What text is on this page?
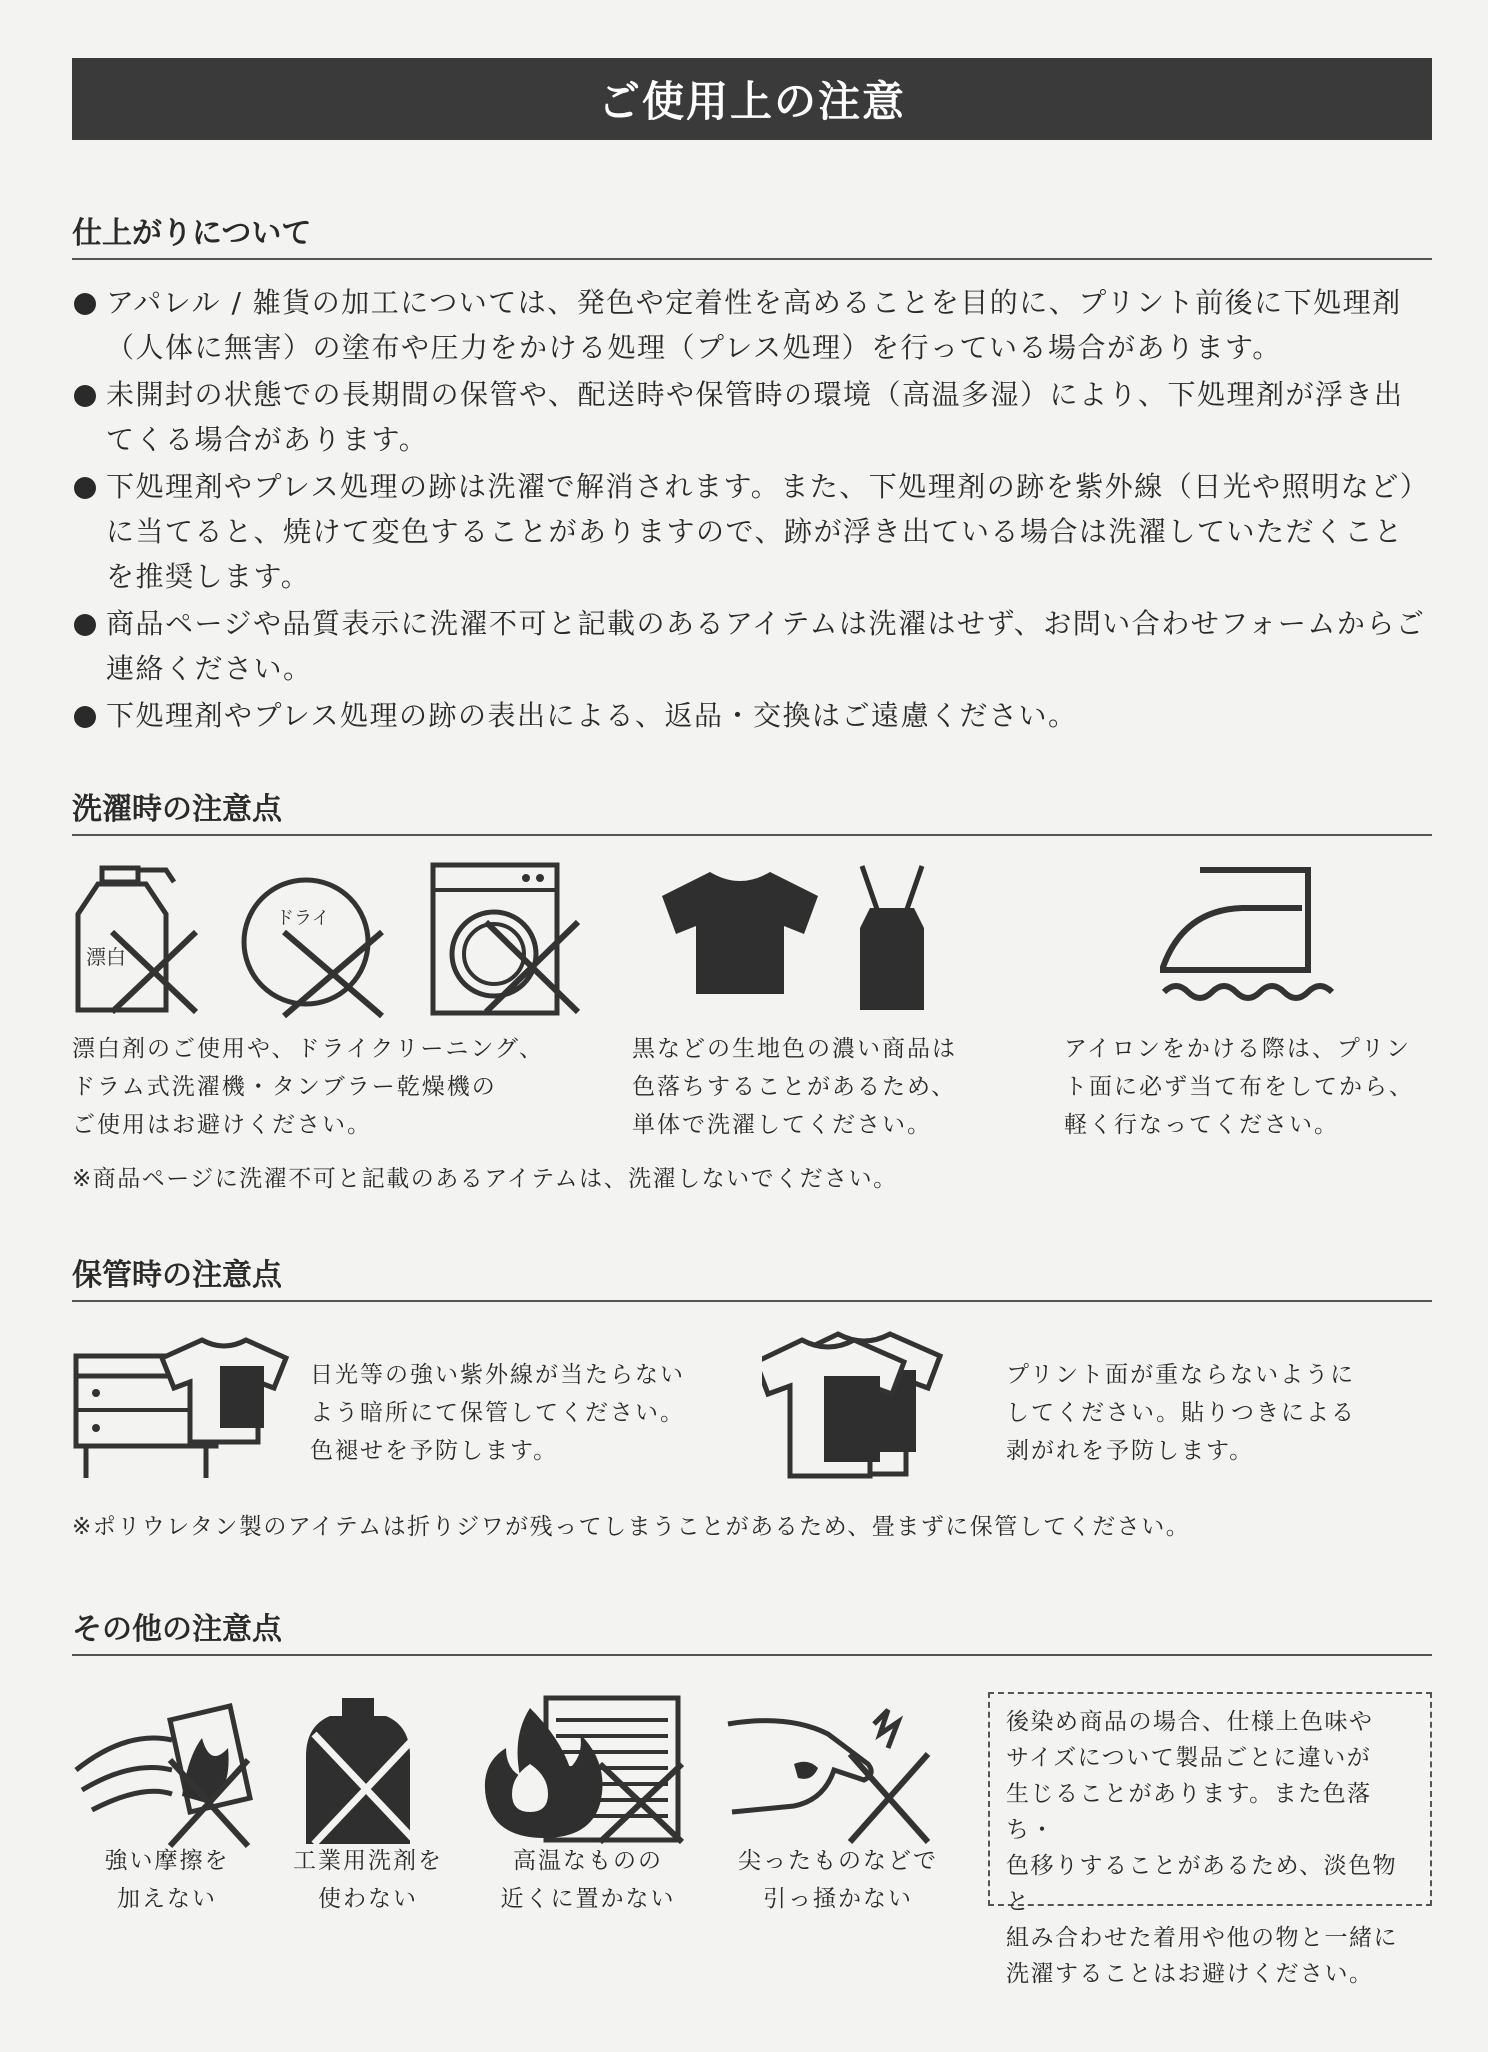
ご使用上の注意
仕上がりについて
アパレル / 雑貨の加工については、発色や定着性を高めることを目的に、プリント前後に下処理剤（人体に無害）の塗布や圧力をかける処理（プレス処理）を行っている場合があります。
未開封の状態での長期間の保管や、配送時や保管時の環境（高温多湿）により、下処理剤が浮き出てくる場合があります。
下処理剤やプレス処理の跡は洗濯で解消されます。また、下処理剤の跡を紫外線（日光や照明など）に当てると、焼けて変色することがありますので、跡が浮き出ている場合は洗濯していただくことを推奨します。
商品ページや品質表示に洗濯不可と記載のあるアイテムは洗濯はせず、お問い合わせフォームからご連絡ください。
下処理剤やプレス処理の跡の表出による、返品・交換はご遠慮ください。
洗濯時の注意点
漂白
ドライ
漂白剤のご使用や、ドライクリーニング、
ドラム式洗濯機・タンブラー乾燥機の
ご使用はお避けください。
黒などの生地色の濃い商品は
色落ちすることがあるため、
単体で洗濯してください。
アイロンをかける際は、プリン
ト面に必ず当て布をしてから、
軽く行なってください。
※商品ページに洗濯不可と記載のあるアイテムは、洗濯しないでください。
保管時の注意点
日光等の強い紫外線が当たらない
よう暗所にて保管してください。
色褪せを予防します。
プリント面が重ならないように
してください。貼りつきによる
剥がれを予防します。
※ポリウレタン製のアイテムは折りジワが残ってしまうことがあるため、畳まずに保管してください。
その他の注意点
強い摩擦を
加えない
工業用洗剤を
使わない
高温なものの
近くに置かない
尖ったものなどで
引っ掻かない
後染め商品の場合、仕様上色味や
サイズについて製品ごとに違いが
生じることがあります。また色落ち・
色移りすることがあるため、淡色物と
組み合わせた着用や他の物と一緒に
洗濯することはお避けください。
